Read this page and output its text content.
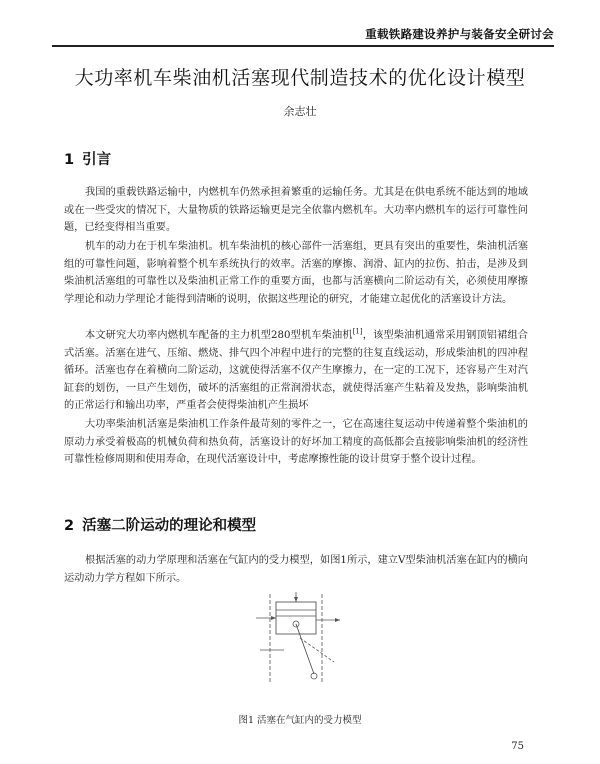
重载铁路建设养护与装备安全研讨会
大功率机车柴油机活塞现代制造技术的优化设计模型
余志壮
1 引言

我国的重载铁路运输中，内燃机车仍然承担着繁重的运输任务。尤其是在供电系统不能达到的地域或在一些受灾的情况下，大量物质的铁路运输更是完全依靠内燃机车。大功率内燃机车的运行可靠性问题，已经变得相当重要。

机车的动力在于机车柴油机。机车柴油机的核心部件一活塞组，更具有突出的重要性，柴油机活塞组的可靠性问题，影响着整个机车系统执行的效率。活塞的摩擦、润滑、缸内的拉伤、拍击，是涉及到柴油机活塞组的可靠性以及柴油机正常工作的重要方面，也都与活塞横向二阶运动有关，必须使用摩擦学理论和动力学理论才能得到清晰的说明，依据这些理论的研究，才能建立起优化的活塞设计方法。

本文研究大功率内燃机车配备的主力机型280型机车柴油机[1]，该型柴油机通常采用钢顶铝裙组合式活塞。活塞在进气、压缩、燃烧、排气四个冲程中进行的完整的往复直线运动，形成柴油机的四冲程循环。活塞也存在着横向二阶运动，这就使得活塞不仅产生摩擦力，在一定的工况下，还容易产生对汽缸套的划伤，一旦产生划伤，破坏的活塞组的正常润滑状态，就使得活塞产生粘着及发热，影响柴油机的正常运行和输出功率，严重者会使得柴油机产生损坏

大功率柴油机活塞是柴油机工作条件最苛刻的零件之一，它在高速往复运动中传递着整个柴油机的原动力承受着极高的机械负荷和热负荷，活塞设计的好坏加工精度的高低都会直接影响柴油机的经济性可靠性检修周期和使用寿命，在现代活塞设计中，考虑摩擦性能的设计贯穿于整个设计过程。

2 活塞二阶运动的理论和模型

根据活塞的动力学原理和活塞在气缸内的受力模型，如图1所示，建立V型柴油机活塞在缸内的横向运动动力学方程如下所示。

图1 活塞在气缸内的受力模型
75
